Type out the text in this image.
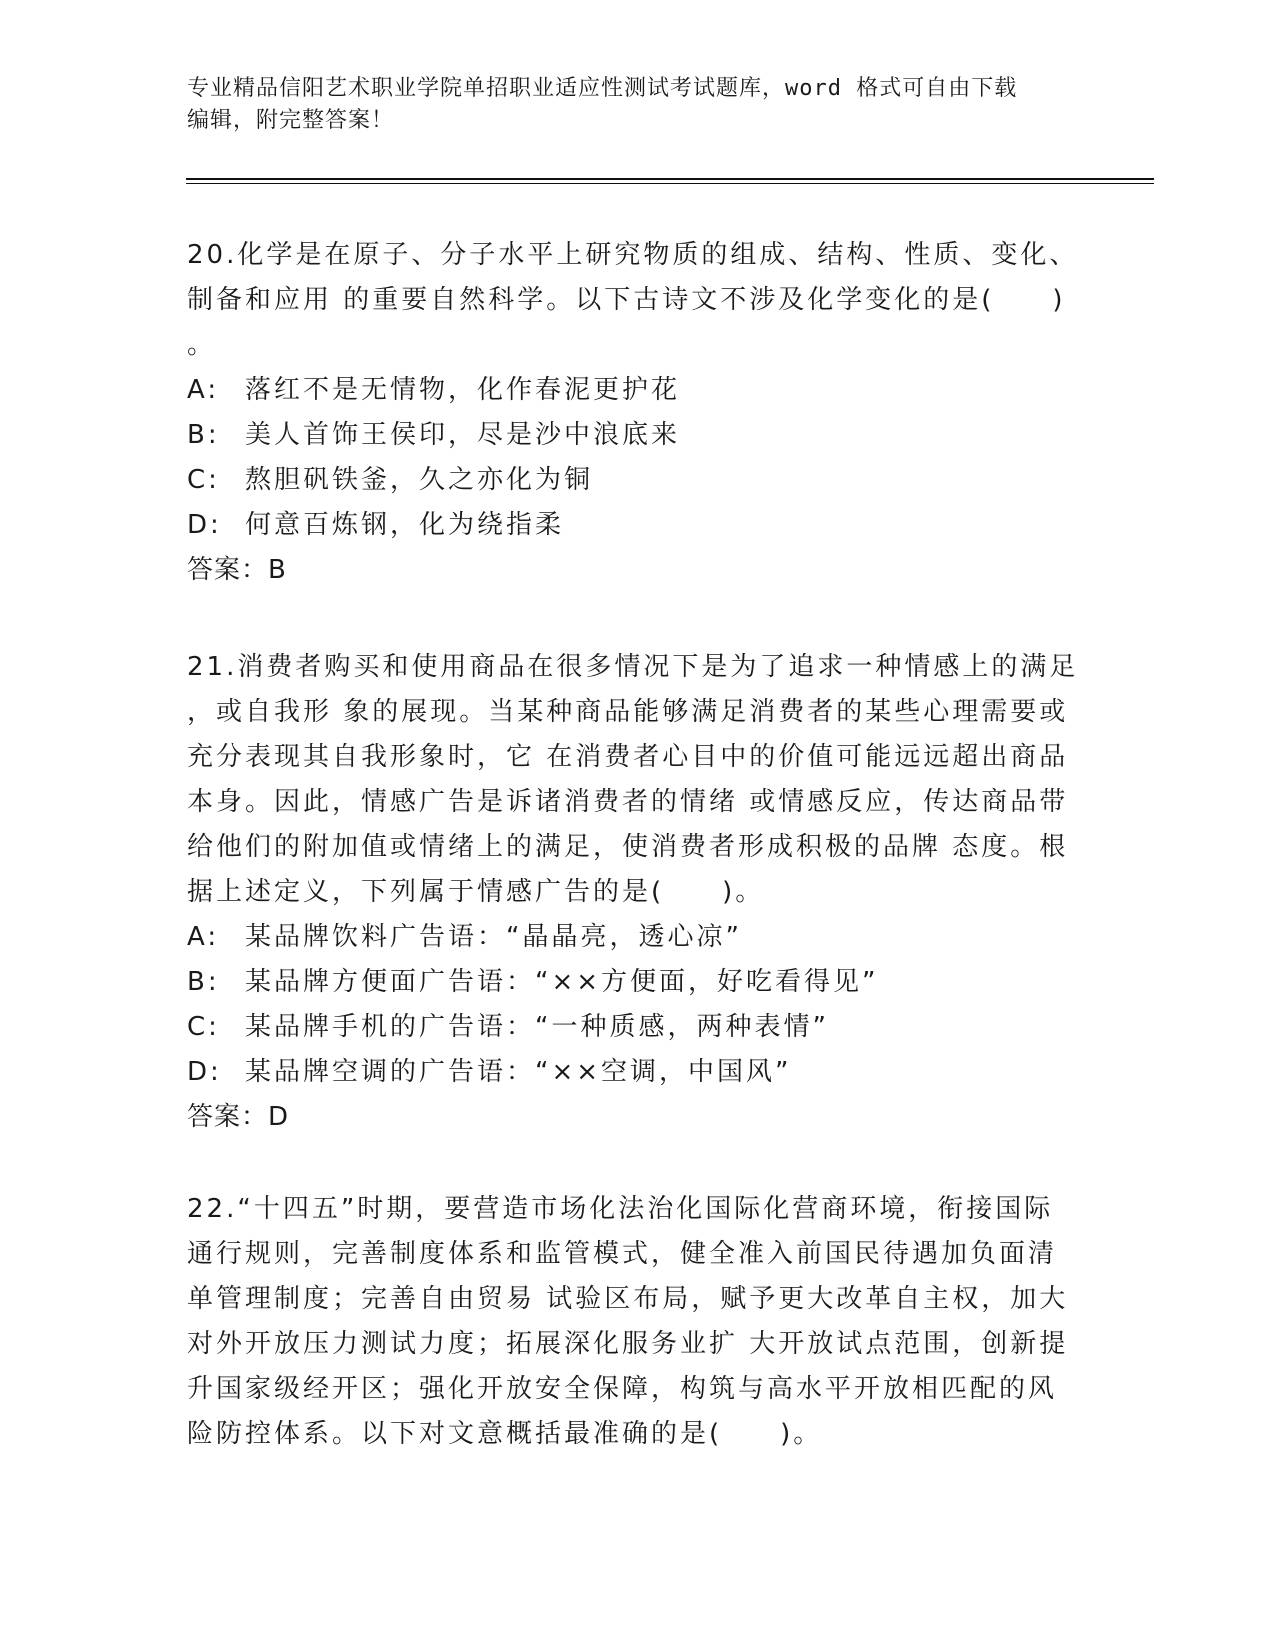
专业精品信阳艺术职业学院单招职业适应性测试考试题库，word 格式可自由下载
编辑，附完整答案！
20.化学是在原子、分子水平上研究物质的组成、结构、性质、变化、
制备和应用 的重要自然科学。以下古诗文不涉及化学变化的是(　　)
。
A: 落红不是无情物，化作春泥更护花
B: 美人首饰王侯印，尽是沙中浪底来
C: 熬胆矾铁釜，久之亦化为铜
D: 何意百炼钢，化为绕指柔
答案：B
21.消费者购买和使用商品在很多情况下是为了追求一种情感上的满足
，或自我形 象的展现。当某种商品能够满足消费者的某些心理需要或
充分表现其自我形象时，它 在消费者心目中的价值可能远远超出商品
本身。因此，情感广告是诉诸消费者的情绪 或情感反应，传达商品带
给他们的附加值或情绪上的满足，使消费者形成积极的品牌 态度。根
据上述定义，下列属于情感广告的是(　　)。
A: 某品牌饮料广告语：“晶晶亮，透心凉”
B: 某品牌方便面广告语：“××方便面，好吃看得见”
C: 某品牌手机的广告语：“一种质感，两种表情”
D: 某品牌空调的广告语：“××空调，中国风”
答案：D
22.“十四五”时期，要营造市场化法治化国际化营商环境，衔接国际
通行规则，完善制度体系和监管模式，健全准入前国民待遇加负面清
单管理制度；完善自由贸易 试验区布局，赋予更大改革自主权，加大
对外开放压力测试力度；拓展深化服务业扩 大开放试点范围，创新提
升国家级经开区；强化开放安全保障，构筑与高水平开放相匹配的风
险防控体系。以下对文意概括最准确的是(　　)。
